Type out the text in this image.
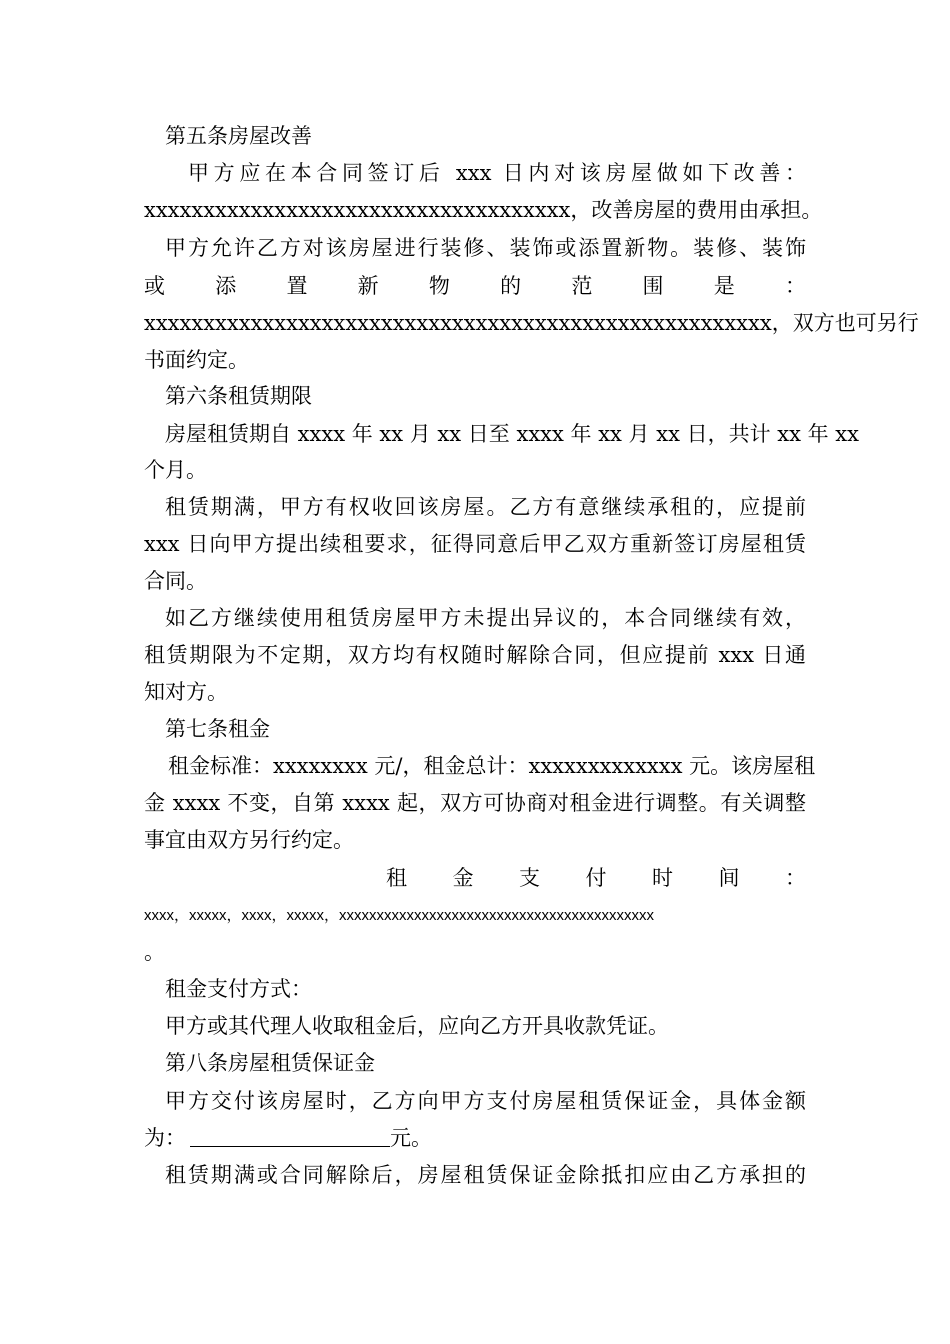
第五条房屋改善
甲方应在本合同签订后 xxx 日内对该房屋做如下改善：
xxxxxxxxxxxxxxxxxxxxxxxxxxxxxxxxxxxx，改善房屋的费用由承担。
甲方允许乙方对该房屋进行装修、装饰或添置新物。装修、装饰
或添置新物的范围是：
xxxxxxxxxxxxxxxxxxxxxxxxxxxxxxxxxxxxxxxxxxxxxxxxxxxxx，双方也可另行
书面约定。
第六条租赁期限
房屋租赁期自 xxxx 年 xx 月 xx 日至 xxxx 年 xx 月 xx 日，共计 xx 年 xx
个月。
租赁期满，甲方有权收回该房屋。乙方有意继续承租的，应提前
xxx 日向甲方提出续租要求，征得同意后甲乙双方重新签订房屋租赁
合同。
如乙方继续使用租赁房屋甲方未提出异议的，本合同继续有效，
租赁期限为不定期，双方均有权随时解除合同，但应提前 xxx 日通
知对方。
第七条租金
租金标准：xxxxxxxx 元/，租金总计：xxxxxxxxxxxxx 元。该房屋租
金 xxxx 不变，自第 xxxx 起，双方可协商对租金进行调整。有关调整
事宜由双方另行约定。
租金支付时间：
xxxx，xxxxx，xxxx，xxxxx，xxxxxxxxxxxxxxxxxxxxxxxxxxxxxxxxxxxxxxxxxx
。
租金支付方式：
甲方或其代理人收取租金后，应向乙方开具收款凭证。
第八条房屋租赁保证金
甲方交付该房屋时，乙方向甲方支付房屋租赁保证金，具体金额
为：	元。
租赁期满或合同解除后，房屋租赁保证金除抵扣应由乙方承担的
